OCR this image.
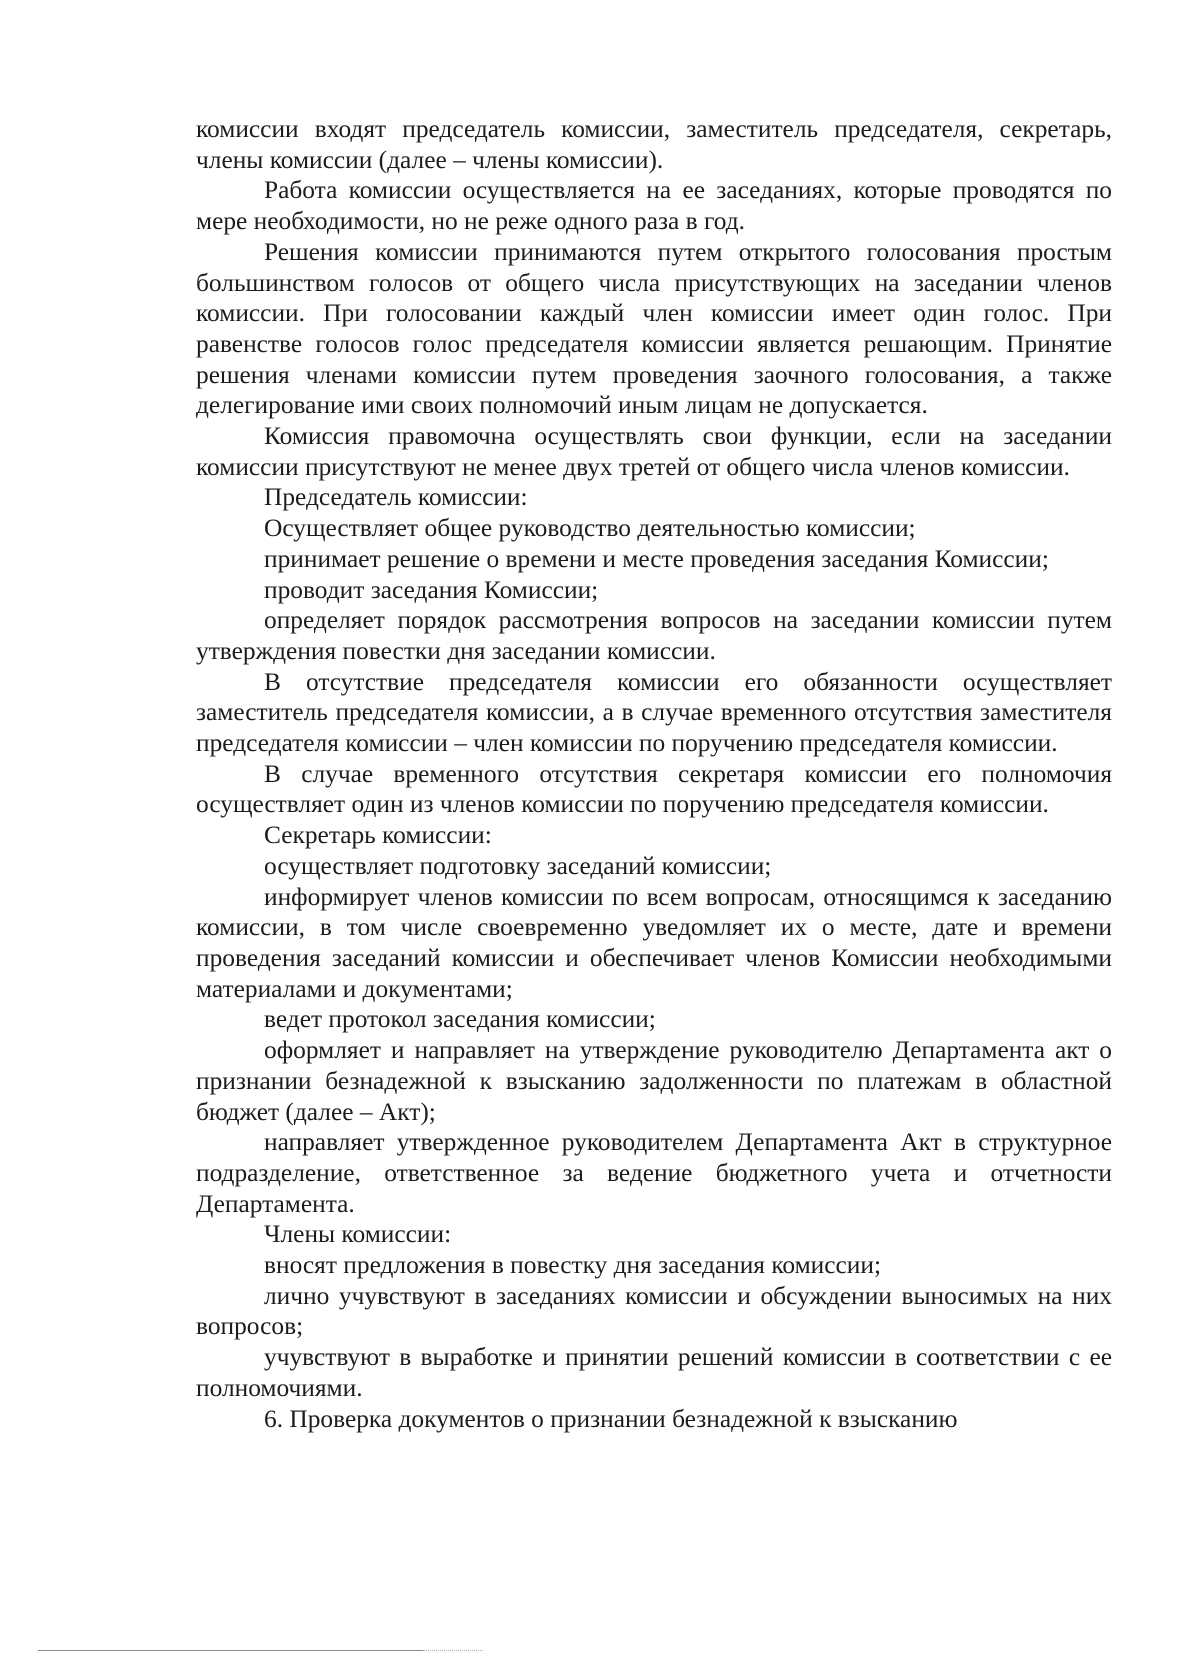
комиссии входят председатель комиссии, заместитель председателя, секретарь, члены комиссии (далее – члены комиссии).

Работа комиссии осуществляется на ее заседаниях, которые проводятся по мере необходимости, но не реже одного раза в год.

Решения комиссии принимаются путем открытого голосования простым большинством голосов от общего числа присутствующих на заседании членов комиссии. При голосовании каждый член комиссии имеет один голос. При равенстве голосов голос председателя комиссии является решающим. Принятие решения членами комиссии путем проведения заочного голосования, а также делегирование ими своих полномочий иным лицам не допускается.

Комиссия правомочна осуществлять свои функции, если на заседании комиссии присутствуют не менее двух третей от общего числа членов комиссии.

Председатель комиссии:

Осуществляет общее руководство деятельностью комиссии;

принимает решение о времени и месте проведения заседания Комиссии;

проводит заседания Комиссии;

определяет порядок рассмотрения вопросов на заседании комиссии путем утверждения повестки дня заседании комиссии.

В отсутствие председателя комиссии его обязанности осуществляет заместитель председателя комиссии, а в случае временного отсутствия заместителя председателя комиссии – член комиссии по поручению председателя комиссии.

В случае временного отсутствия секретаря комиссии его полномочия осуществляет один из членов комиссии по поручению председателя комиссии.

Секретарь комиссии:

осуществляет подготовку заседаний комиссии;

информирует членов комиссии по всем вопросам, относящимся к заседанию комиссии, в том числе своевременно уведомляет их о месте, дате и времени проведения заседаний комиссии и обеспечивает членов Комиссии необходимыми материалами и документами;

ведет протокол заседания комиссии;

оформляет и направляет на утверждение руководителю Департамента акт о признании безнадежной к взысканию задолженности по платежам в областной бюджет (далее – Акт);

направляет утвержденное руководителем Департамента Акт в структурное подразделение, ответственное за ведение бюджетного учета и отчетности Департамента.

Члены комиссии:

вносят предложения в повестку дня заседания комиссии;

лично учувствуют в заседаниях комиссии и обсуждении выносимых на них вопросов;

учувствуют в выработке и принятии решений комиссии в соответствии с ее полномочиями.

6. Проверка документов о признании безнадежной к взысканию
